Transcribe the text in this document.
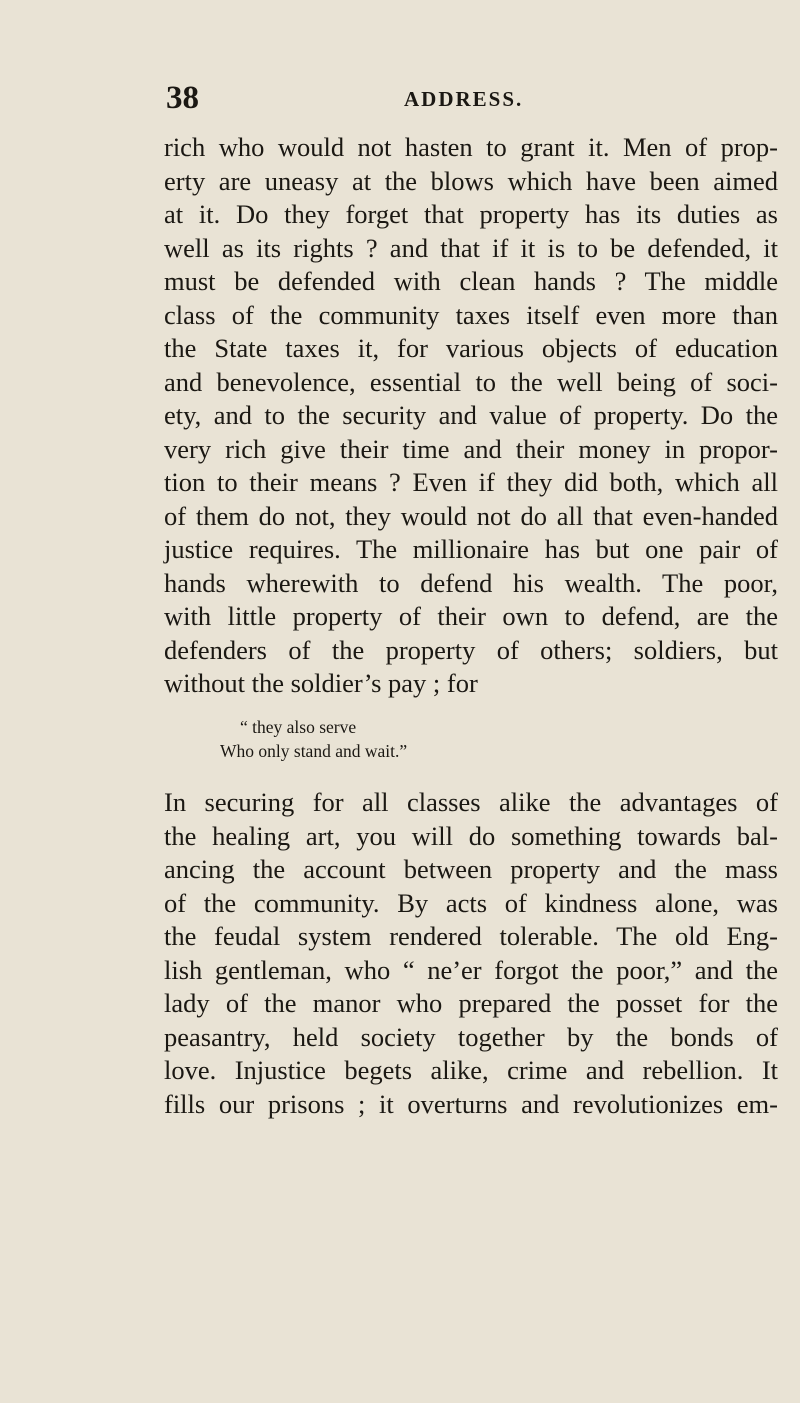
38	ADDRESS.
rich who would not hasten to grant it. Men of prop-
erty are uneasy at the blows which have been aimed
at it. Do they forget that property has its duties as
well as its rights ? and that if it is to be defended, it
must be defended with clean hands ? The middle
class of the community taxes itself even more than
the State taxes it, for various objects of education
and benevolence, essential to the well being of soci-
ety, and to the security and value of property. Do the
very rich give their time and their money in propor-
tion to their means ? Even if they did both, which all
of them do not, they would not do all that even-handed
justice requires. The millionaire has but one pair of
hands wherewith to defend his wealth. The poor,
with little property of their own to defend, are the
defenders of the property of others; soldiers, but
without the soldier’s pay ; for
“ they also serve
Who only stand and wait.”
In securing for all classes alike the advantages of
the healing art, you will do something towards bal-
ancing the account between property and the mass
of the community. By acts of kindness alone, was
the feudal system rendered tolerable. The old Eng-
lish gentleman, who “ ne’er forgot the poor,” and the
lady of the manor who prepared the posset for the
peasantry, held society together by the bonds of
love. Injustice begets alike, crime and rebellion. It
fills our prisons ; it overturns and revolutionizes em-
